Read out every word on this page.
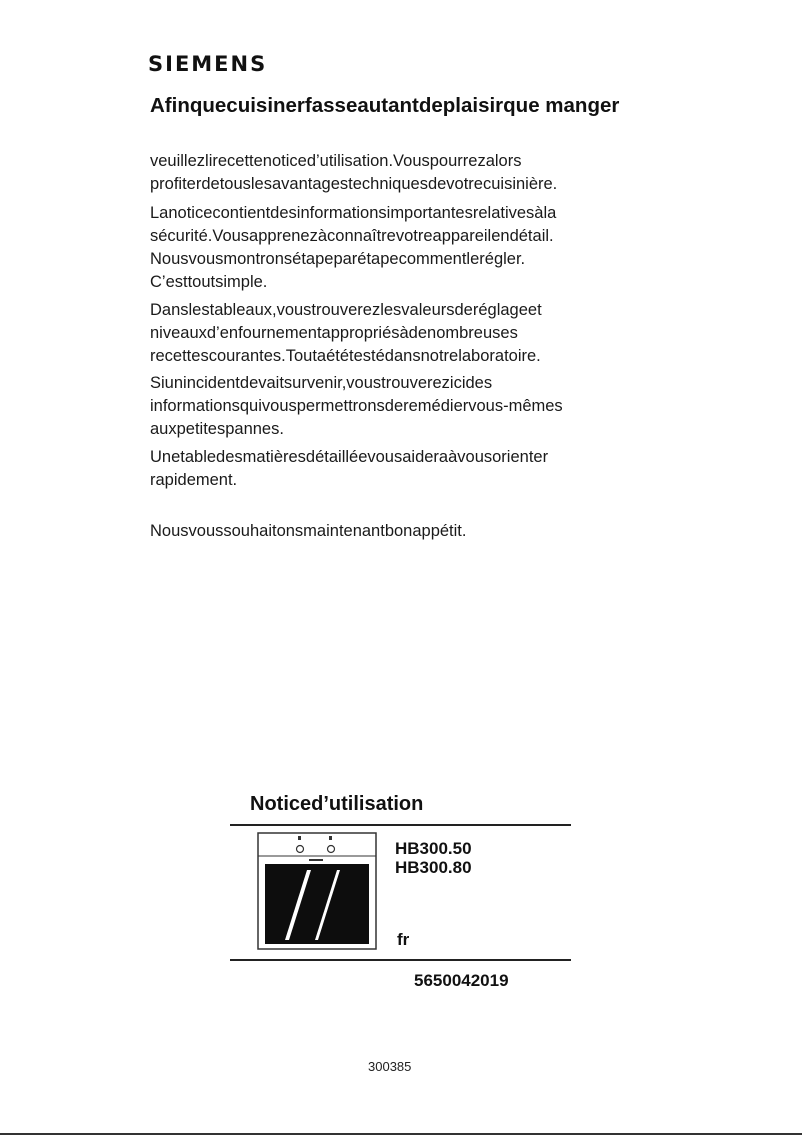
SIEMENS
Afinquecuisinerfasseautantdeplaisirque manger
veuillezlirecettenoticed’utilisation.Vouspourrezalors
profiterdetouslesavantagestechniquesdevotrecuisinière.
Lanoticecontientdesinformationsimportantesrelativesàla
sécurité.Vousapprenezàconnaîtrevotreappareilendétail.
Nousvousmontronsétapeparétapecommentlerégler.
C’esttoutsimple.
Danslestableaux,voustrouverezlesvaleursderéglageet
niveauxd’enfournementappropriésàdenombreuses
recettescourantes.Toutaététestédansnotrelaboratoire.
Siunincidentdevaitsurvenir,voustrouverezicides
informationsquivouspermettronsderemédiervous-mêmes
auxpetitespannes.
Unetabledesmatièresdétailléevousaideraàvousorienter
rapidement.
Nousvoussouhaitonsmaintenantbonappétit.
Noticed’utilisation
HB300.50
HB300.80
fr
5650042019
300385
